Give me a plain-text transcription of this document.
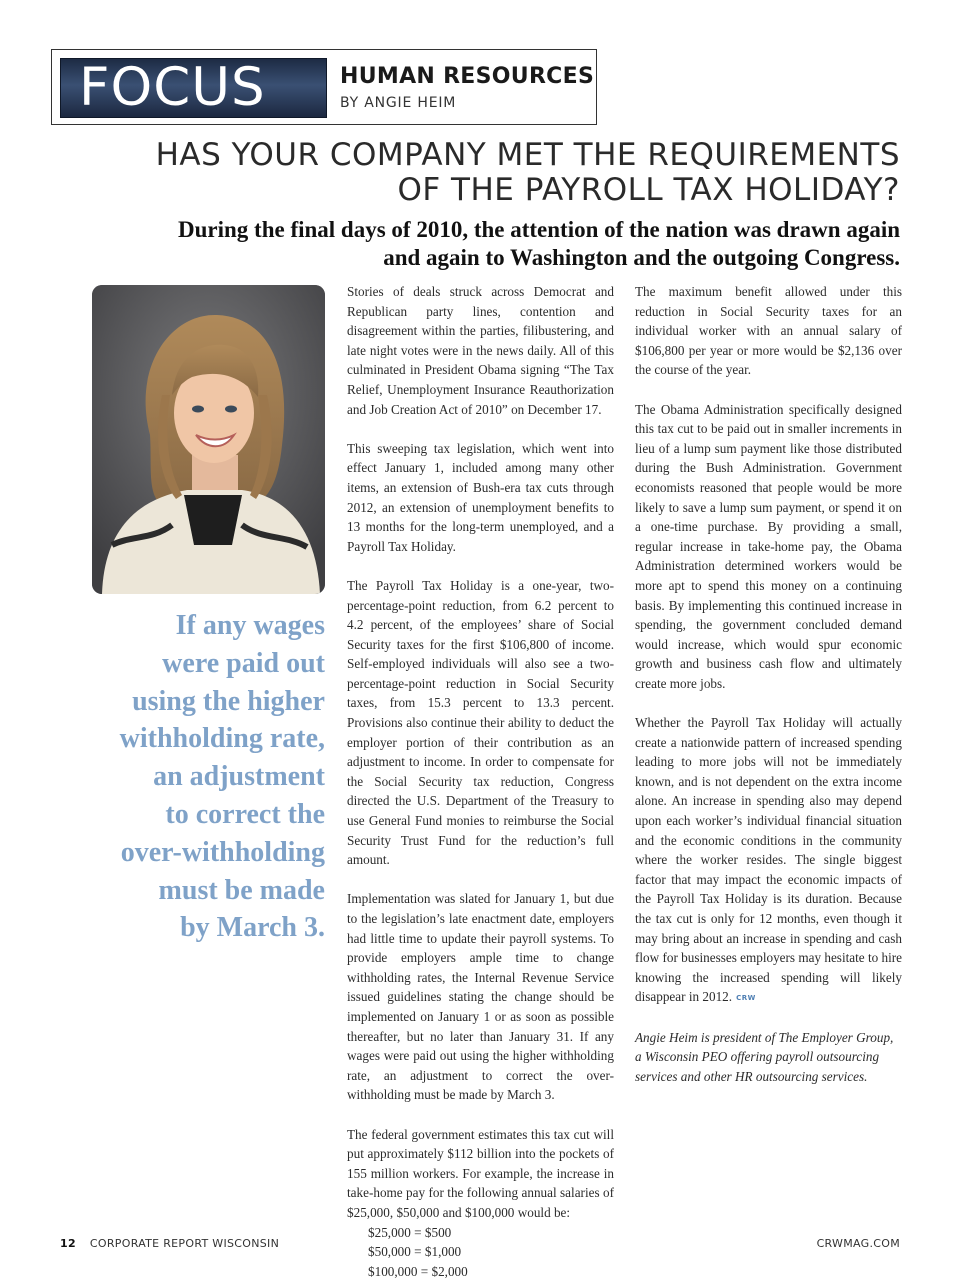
FOCUS	HUMAN RESOURCES
BY ANGIE HEIM
HAS YOUR COMPANY MET THE REQUIREMENTS
OF THE PAYROLL TAX HOLIDAY?
During the final days of 2010, the attention of the nation was drawn again
and again to Washington and the outgoing Congress.
If any wages
were paid out
using the higher
withholding rate,
an adjustment
to correct the
over-withholding
must be made
by March 3.

Stories of deals struck across Democrat and Republican party lines, contention and disagreement within the parties, filibustering, and late night votes were in the news daily. All of this culminated in President Obama signing “The Tax Relief, Unemployment Insurance Reauthorization and Job Creation Act of 2010” on December 17.

This sweeping tax legislation, which went into effect January 1, included among many other items, an extension of Bush-era tax cuts through 2012, an extension of unemployment benefits to 13 months for the long-term unemployed, and a Payroll Tax Holiday.

The Payroll Tax Holiday is a one-year, two-percentage-point reduction, from 6.2 percent to 4.2 percent, of the employees’ share of Social Security taxes for the first $106,800 of income. Self-employed individuals will also see a two-percentage-point reduction in Social Security taxes, from 15.3 percent to 13.3 percent. Provisions also continue their ability to deduct the employer portion of their contribution as an adjustment to income. In order to compensate for the Social Security tax reduction, Congress directed the U.S. Department of the Treasury to use General Fund monies to reimburse the Social Security Trust Fund for the reduction’s full amount.

Implementation was slated for January 1, but due to the legislation’s late enactment date, employers had little time to update their payroll systems. To provide employers ample time to change withholding rates, the Internal Revenue Service issued guidelines stating the change should be implemented on January 1 or as soon as possible thereafter, but no later than January 31. If any wages were paid out using the higher withholding rate, an adjustment to correct the over-withholding must be made by March 3.

The federal government estimates this tax cut will put approximately $112 billion into the pockets of 155 million workers. For example, the increase in take-home pay for the following annual salaries of $25,000, $50,000 and $100,000 would be:

$25,000 = $500
$50,000 = $1,000
$100,000 = $2,000

The maximum benefit allowed under this reduction in Social Security taxes for an individual worker with an annual salary of $106,800 per year or more would be $2,136 over the course of the year.

The Obama Administration specifically designed this tax cut to be paid out in smaller increments in lieu of a lump sum payment like those distributed during the Bush Administration. Government economists reasoned that people would be more likely to save a lump sum payment, or spend it on a one-time purchase. By providing a small, regular increase in take-home pay, the Obama Administration determined workers would be more apt to spend this money on a continuing basis. By implementing this continued increase in spending, the government concluded demand would increase, which would spur economic growth and business cash flow and ultimately create more jobs.

Whether the Payroll Tax Holiday will actually create a nationwide pattern of increased spending leading to more jobs will not be immediately known, and is not dependent on the extra income alone. An increase in spending also may depend upon each worker’s individual financial situation and the economic conditions in the community where the worker resides. The single biggest factor that may impact the economic impacts of the Payroll Tax Holiday is its duration. Because the tax cut is only for 12 months, even though it may bring about an increase in spending and cash flow for businesses employers may hesitate to hire knowing the increased spending will likely disappear in 2012. CRW

Angie Heim is president of The Employer Group, a Wisconsin PEO offering payroll outsourcing services and other HR outsourcing services.

12 CORPORATE REPORT WISCONSIN	CRWMAG.COM
